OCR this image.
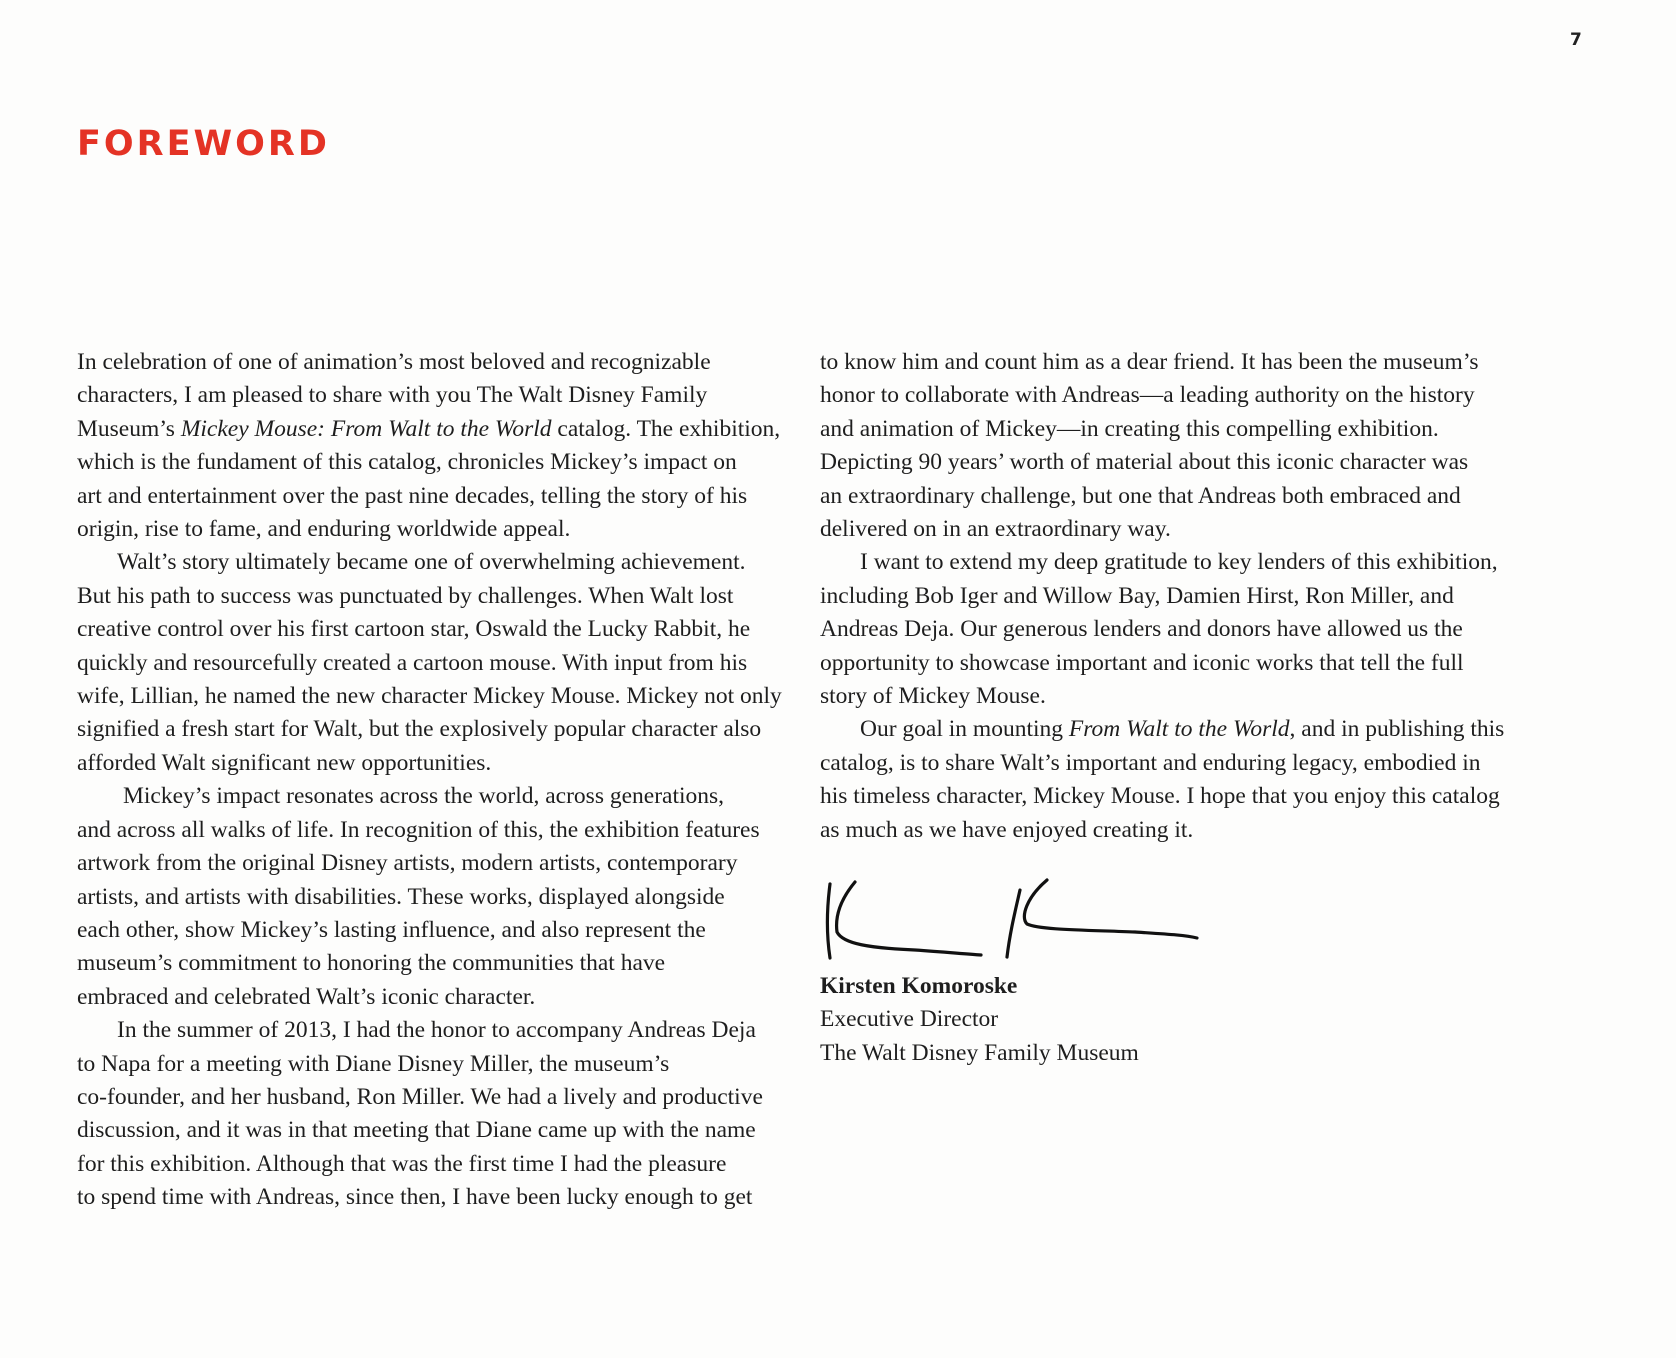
7
FOREWORD

In celebration of one of animation’s most beloved and recognizable
characters, I am pleased to share with you The Walt Disney Family
Museum’s Mickey Mouse: From Walt to the World catalog. The exhibition,
which is the fundament of this catalog, chronicles Mickey’s impact on
art and entertainment over the past nine decades, telling the story of his
origin, rise to fame, and enduring worldwide appeal.

Walt’s story ultimately became one of overwhelming achievement.
But his path to success was punctuated by challenges. When Walt lost
creative control over his first cartoon star, Oswald the Lucky Rabbit, he
quickly and resourcefully created a cartoon mouse. With input from his
wife, Lillian, he named the new character Mickey Mouse. Mickey not only
signified a fresh start for Walt, but the explosively popular character also
afforded Walt significant new opportunities.

Mickey’s impact resonates across the world, across generations,
and across all walks of life. In recognition of this, the exhibition features
artwork from the original Disney artists, modern artists, contemporary
artists, and artists with disabilities. These works, displayed alongside
each other, show Mickey’s lasting influence, and also represent the
museum’s commitment to honoring the communities that have
embraced and celebrated Walt’s iconic character.

In the summer of 2013, I had the honor to accompany Andreas Deja
to Napa for a meeting with Diane Disney Miller, the museum’s
co-founder, and her husband, Ron Miller. We had a lively and productive
discussion, and it was in that meeting that Diane came up with the name
for this exhibition. Although that was the first time I had the pleasure
to spend time with Andreas, since then, I have been lucky enough to get

to know him and count him as a dear friend. It has been the museum’s
honor to collaborate with Andreas—a leading authority on the history
and animation of Mickey—in creating this compelling exhibition.
Depicting 90 years’ worth of material about this iconic character was
an extraordinary challenge, but one that Andreas both embraced and
delivered on in an extraordinary way.

I want to extend my deep gratitude to key lenders of this exhibition,
including Bob Iger and Willow Bay, Damien Hirst, Ron Miller, and
Andreas Deja. Our generous lenders and donors have allowed us the
opportunity to showcase important and iconic works that tell the full
story of Mickey Mouse.

Our goal in mounting From Walt to the World, and in publishing this
catalog, is to share Walt’s important and enduring legacy, embodied in
his timeless character, Mickey Mouse. I hope that you enjoy this catalog
as much as we have enjoyed creating it.

Kirsten Komoroske
Executive Director
The Walt Disney Family Museum
